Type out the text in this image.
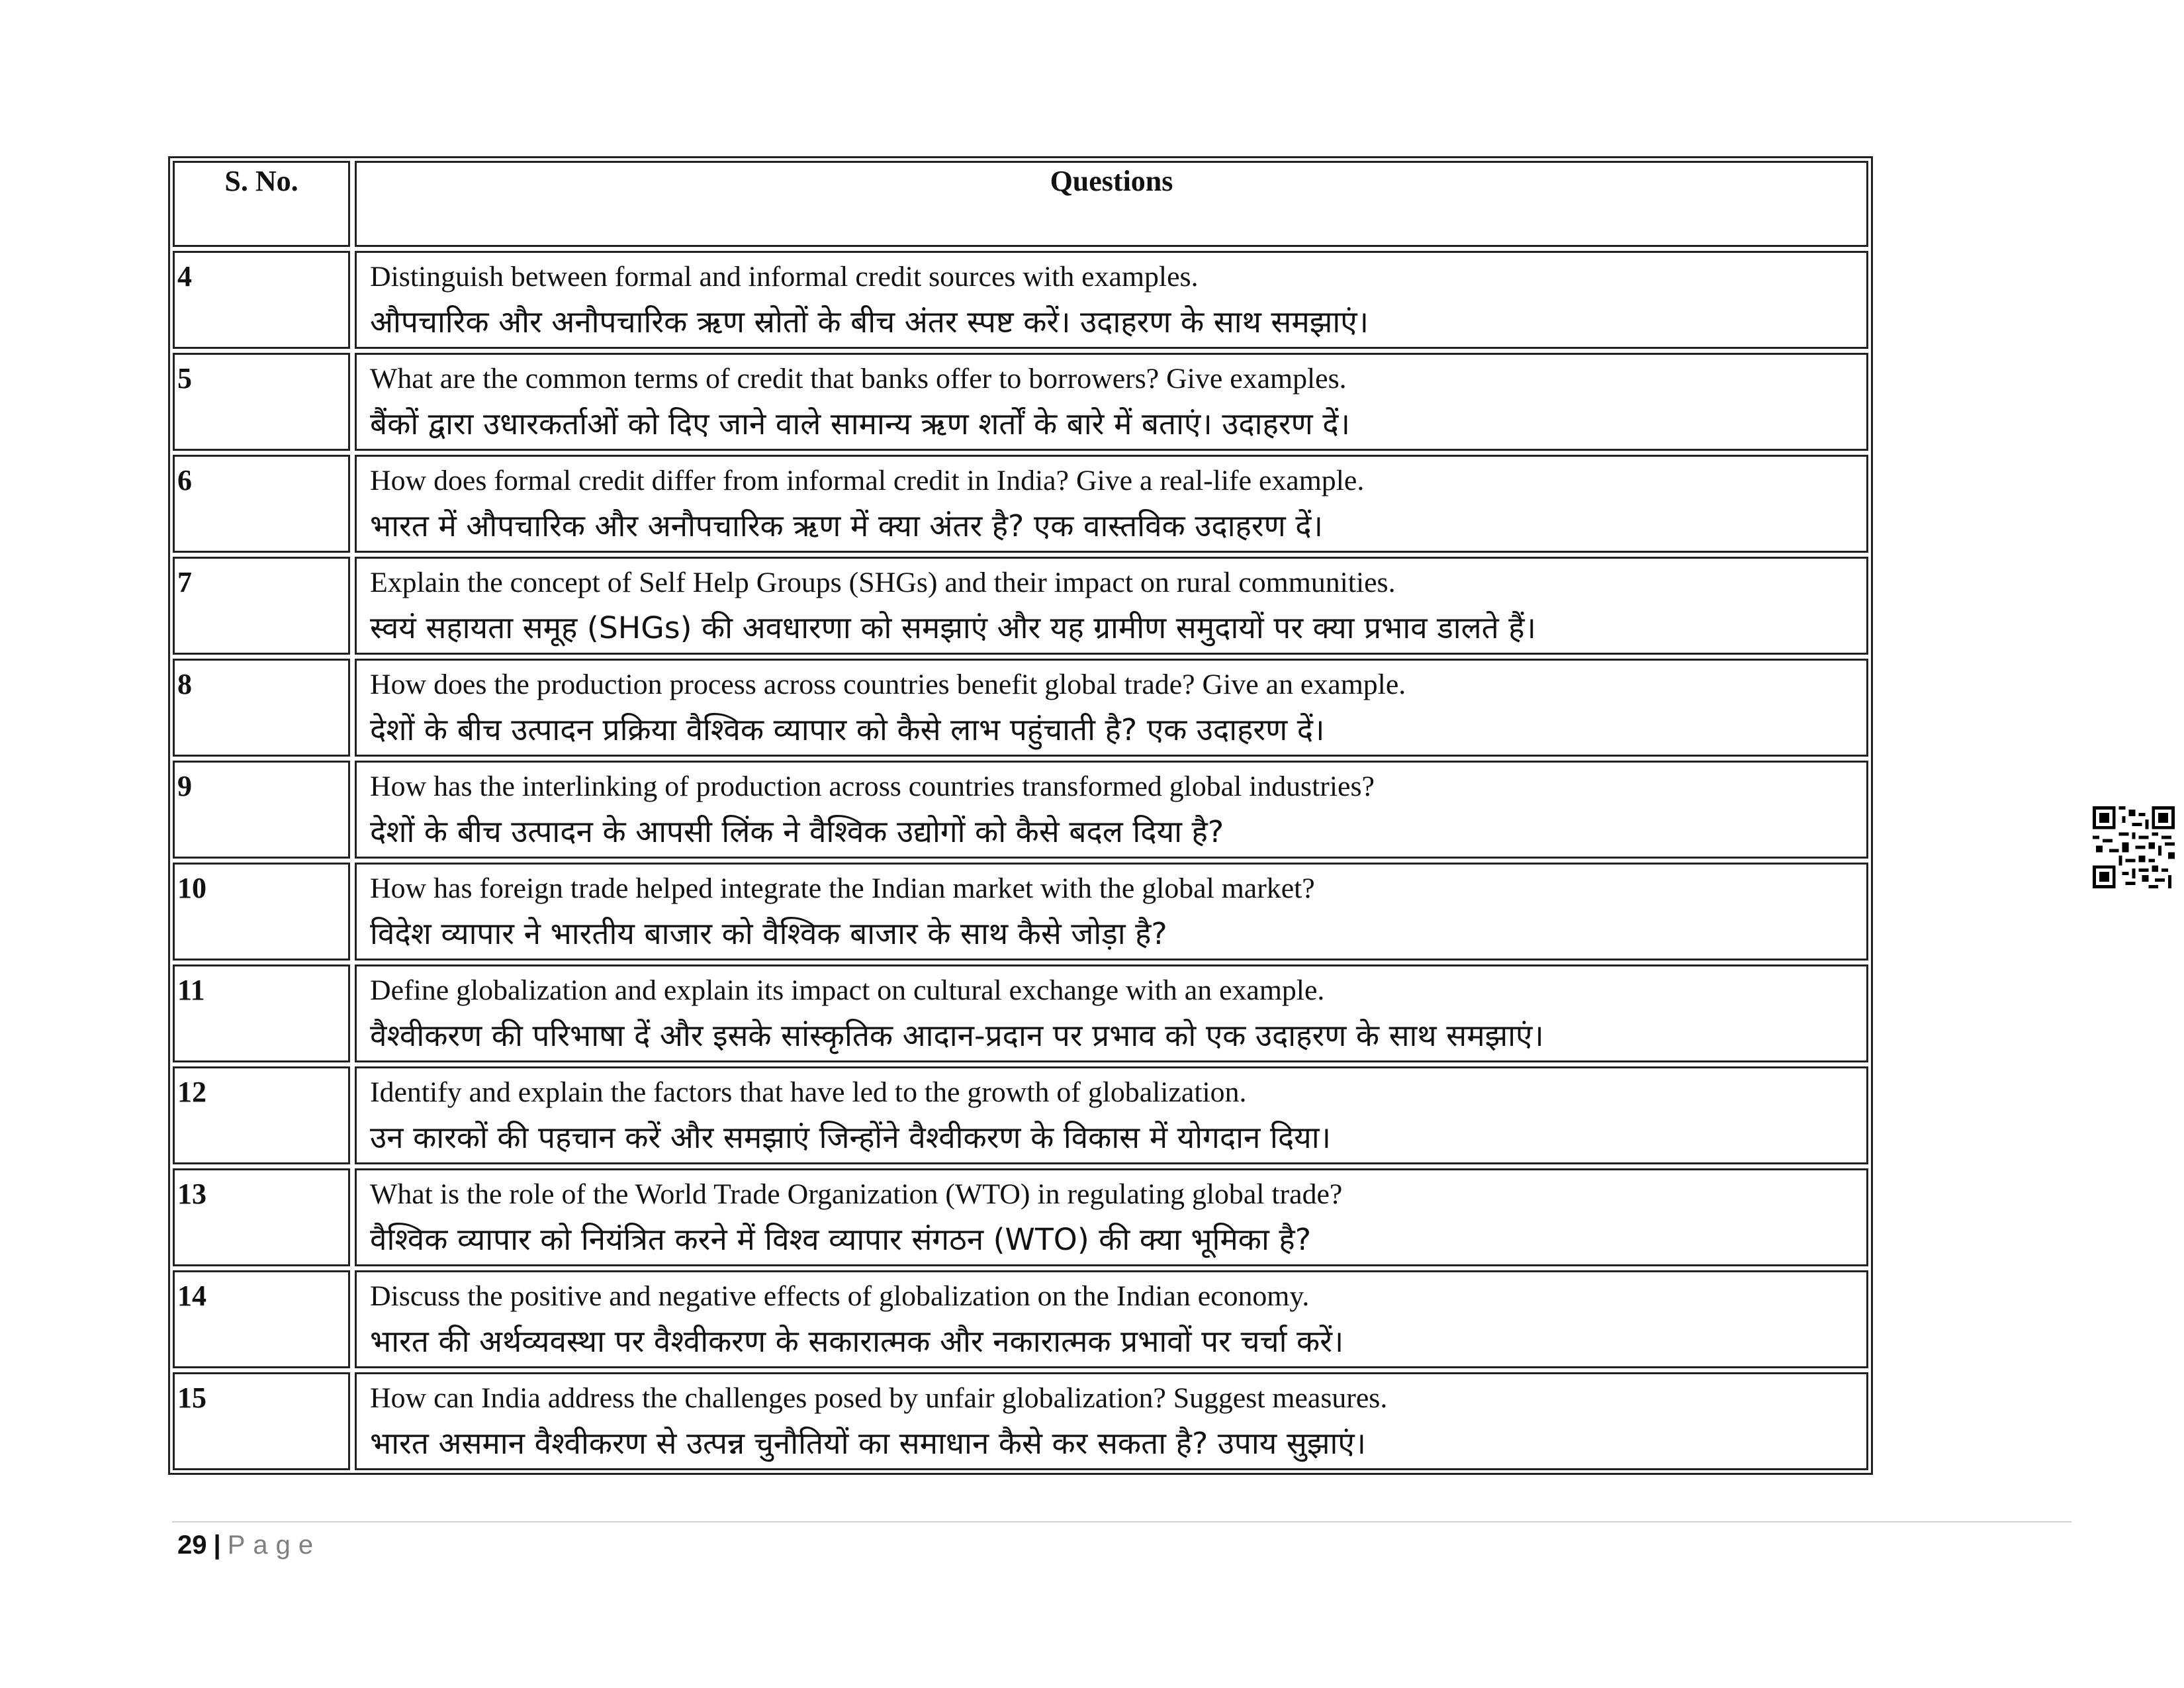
S. No.	Questions
4	Distinguish between formal and informal credit sources with examples.
औपचारिक और अनौपचारिक ऋण स्रोतों के बीच अंतर स्पष्ट करें। उदाहरण के साथ समझाएं।
5	What are the common terms of credit that banks offer to borrowers? Give examples.
बैंकों द्वारा उधारकर्ताओं को दिए जाने वाले सामान्य ऋण शर्तों के बारे में बताएं। उदाहरण दें।
6	How does formal credit differ from informal credit in India? Give a real-life example.
भारत में औपचारिक और अनौपचारिक ऋण में क्या अंतर है? एक वास्तविक उदाहरण दें।
7	Explain the concept of Self Help Groups (SHGs) and their impact on rural communities.
स्वयं सहायता समूह (SHGs) की अवधारणा को समझाएं और यह ग्रामीण समुदायों पर क्या प्रभाव डालते हैं।
8	How does the production process across countries benefit global trade? Give an example.
देशों के बीच उत्पादन प्रक्रिया वैश्विक व्यापार को कैसे लाभ पहुंचाती है? एक उदाहरण दें।
9	How has the interlinking of production across countries transformed global industries?
देशों के बीच उत्पादन के आपसी लिंक ने वैश्विक उद्योगों को कैसे बदल दिया है?
10	How has foreign trade helped integrate the Indian market with the global market?
विदेश व्यापार ने भारतीय बाजार को वैश्विक बाजार के साथ कैसे जोड़ा है?
11	Define globalization and explain its impact on cultural exchange with an example.
वैश्वीकरण की परिभाषा दें और इसके सांस्कृतिक आदान-प्रदान पर प्रभाव को एक उदाहरण के साथ समझाएं।
12	Identify and explain the factors that have led to the growth of globalization.
उन कारकों की पहचान करें और समझाएं जिन्होंने वैश्वीकरण के विकास में योगदान दिया।
13	What is the role of the World Trade Organization (WTO) in regulating global trade?
वैश्विक व्यापार को नियंत्रित करने में विश्व व्यापार संगठन (WTO) की क्या भूमिका है?
14	Discuss the positive and negative effects of globalization on the Indian economy.
भारत की अर्थव्यवस्था पर वैश्वीकरण के सकारात्मक और नकारात्मक प्रभावों पर चर्चा करें।
15	How can India address the challenges posed by unfair globalization? Suggest measures.
भारत असमान वैश्वीकरण से उत्पन्न चुनौतियों का समाधान कैसे कर सकता है? उपाय सुझाएं।
29 | Page
